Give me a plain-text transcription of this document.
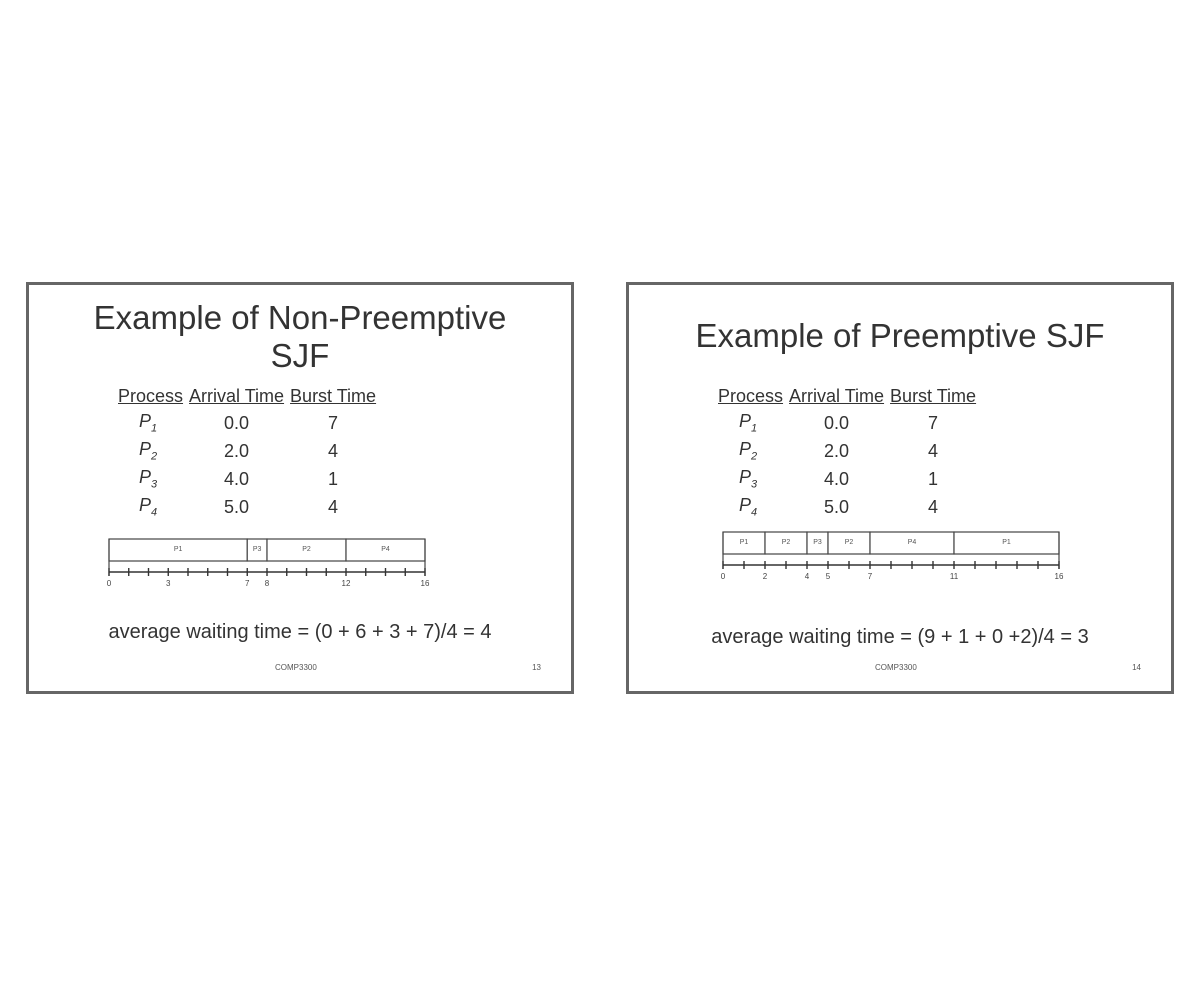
Example of Non-Preemptive
SJF
Process	Arrival Time	Burst Time
$P_1$	0.0	7
$P_2$	2.0	4
$P_3$	4.0	1
$P_4$	5.0	4
P1	P3	P2	P4
0	3	7 8	12	16
average waiting time = (0 + 6 + 3 + 7)/4 = 4
COMP3300	13
Example of Preemptive SJF
Process	Arrival Time	Burst Time
$P_1$	0.0	7
$P_2$	2.0	4
$P_3$	4.0	1
$P_4$	5.0	4
P1	P2	P3	P2	P4	P1
0	2	4 5	7	11	16
average waiting time = (9 + 1 + 0 +2)/4 = 3
COMP3300	14
